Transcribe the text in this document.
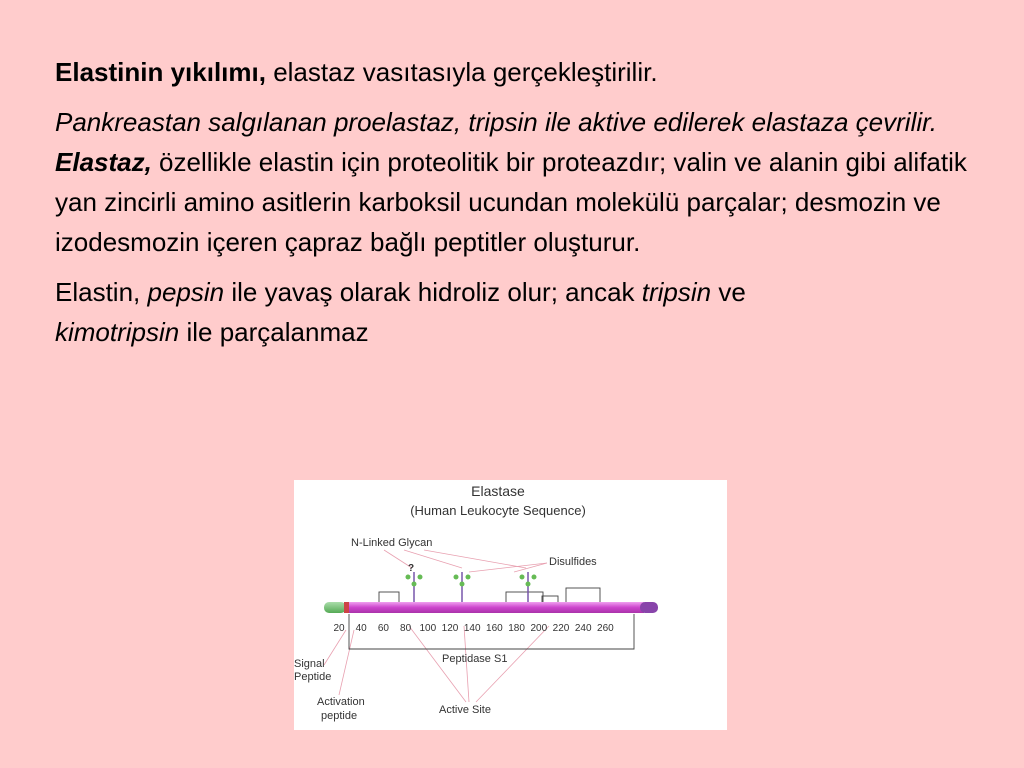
Elastinin yıkılımı, elastaz vasıtasıyla gerçekleştirilir.

Pankreastan salgılanan proelastaz, tripsin ile aktive edilerek elastaza çevrilir. Elastaz, özellikle elastin için proteolitik bir proteazdır; valin ve alanin gibi alifatik yan zincirli amino asitlerin karboksil ucundan molekülü parçalar; desmozin ve izodesmozin içeren çapraz bağlı peptitler oluşturur.

Elastin, pepsin ile yavaş olarak hidroliz olur; ancak tripsin ve
kimotripsin ile parçalanmaz

Elastase
(Human Leukocyte Sequence)
N-Linked Glycan
Disulfides
?
20 40 60 80 100 120 140 160 180 200 220 240 260
Peptidase S1
Signal
Peptide
Activation
peptide	Active Site
